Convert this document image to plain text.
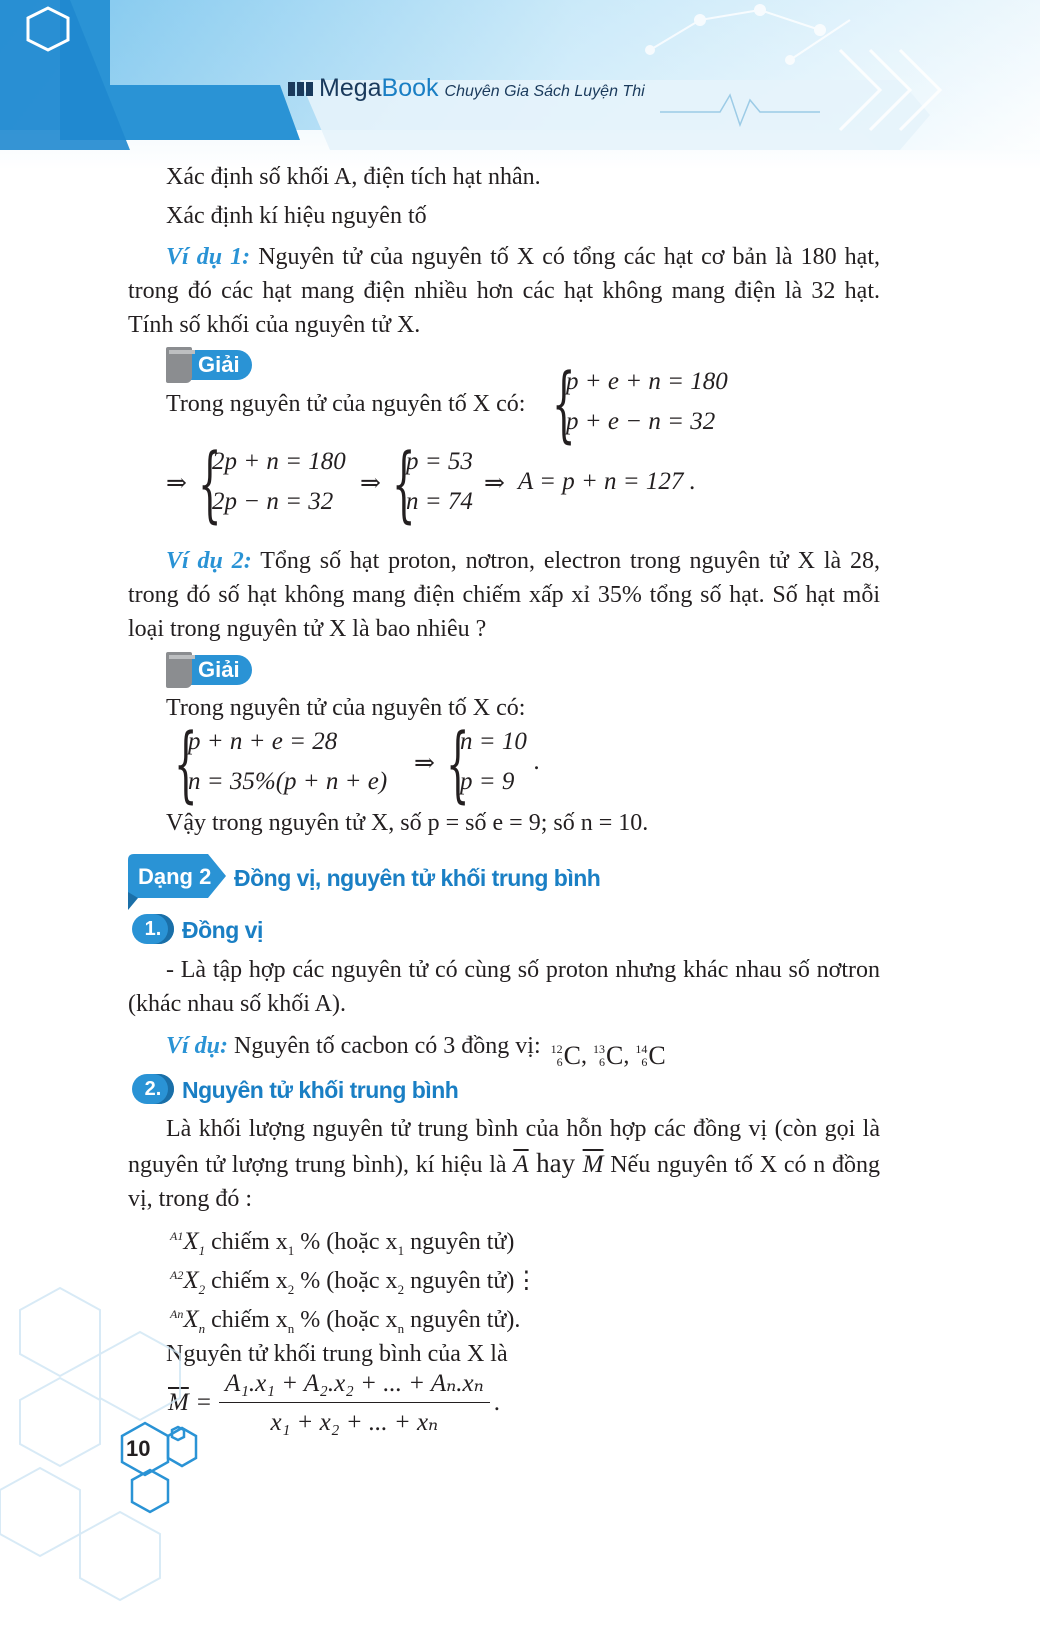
Mega Book Chuyên Gia Sách Luyện Thi
Xác định số khối A, điện tích hạt nhân.
Xác định kí hiệu nguyên tố
Ví dụ 1: Nguyên tử của nguyên tố X có tổng các hạt cơ bản là 180 hạt, trong đó các hạt mang điện nhiều hơn các hạt không mang điện là 32 hạt. Tính số khối của nguyên tử X.
Giải
Trong nguyên tử của nguyên tố X có: {
p + e + n = 180
p + e − n = 32
⇒ {
2p + n = 180
2p − n = 32
⇒ {
p = 53
n = 74
⇒ A = p + n = 127 .
Ví dụ 2: Tổng số hạt proton, nơtron, electron trong nguyên tử X là 28, trong đó số hạt không mang điện chiếm xấp xỉ 35% tổng số hạt. Số hạt mỗi loại trong nguyên tử X là bao nhiêu ?
Giải
Trong nguyên tử của nguyên tố X có:
{
p + n + e = 28
n = 35%(p + n + e)
⇒ {
n = 10
p = 9
.
Vậy trong nguyên tử X, số p = số e = 9; số n = 10.
Dạng 2 Đồng vị, nguyên tử khối trung bình
1. Đồng vị
- Là tập hợp các nguyên tử có cùng số proton nhưng khác nhau số nơtron (khác nhau số khối A).
Ví dụ: Nguyên tố cacbon có 3 đồng vị: 12
6 C , 13
6 C , 14
6 C
2. Nguyên tử khối trung bình
Là khối lượng nguyên tử trung bình của hỗn hợp các đồng vị (còn gọi là nguyên tử lượng trung bình), kí hiệu là $\overline{A}$ hay $\overline{M}$ Nếu nguyên tố X có n đồng vị, trong đó :
$^{A1}X_1$ chiếm $x_1$ % (hoặc $x_1$ nguyên tử)
$^{A2}X_2$ chiếm $x_2$ % (hoặc $x_2$ nguyên tử)⋮
$^{An}X_n$ chiếm $x_n$ % (hoặc $x_n$ nguyên tử).
Nguyên tử khối trung bình của X là
$\overline{M} = \frac{\text{A₁.x₁ + A₂.x₂ + ... + Aₙ.xₙ}}{\text{x₁ + x₂ + ... + xₙ}}$ .
10
